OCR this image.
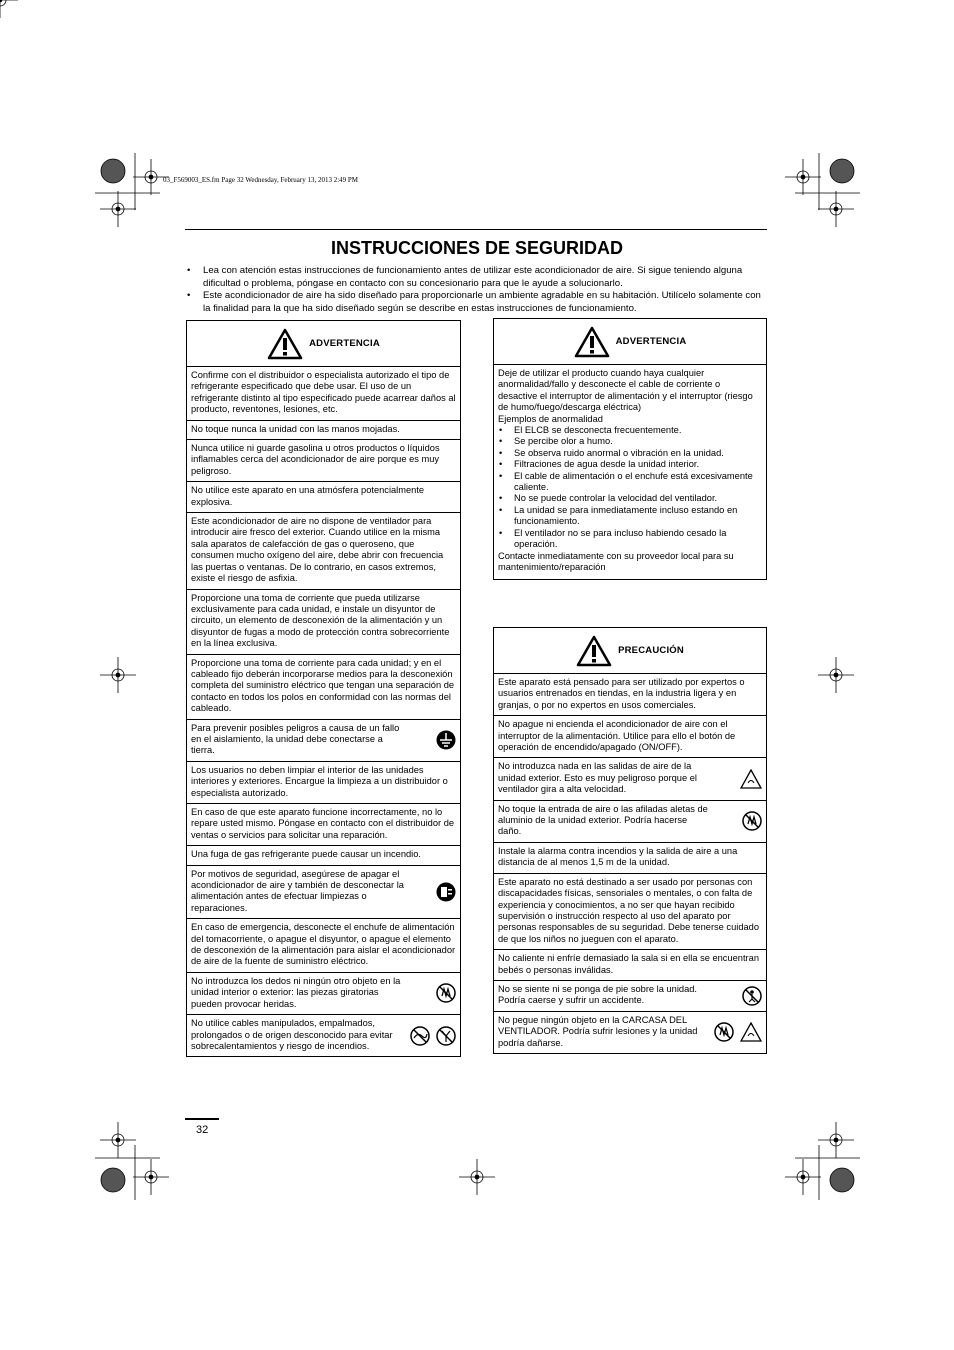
03_F569003_ES.fm Page 32 Wednesday, February 13, 2013 2:49 PM
INSTRUCCIONES DE SEGURIDAD
• Lea con atención estas instrucciones de funcionamiento antes de utilizar este acondicionador de aire. Si sigue teniendo alguna dificultad o problema, póngase en contacto con su concesionario para que le ayude a solucionarlo.
• Este acondicionador de aire ha sido diseñado para proporcionarle un ambiente agradable en su habitación. Utilícelo solamente con la finalidad para la que ha sido diseñado según se describe en estas instrucciones de funcionamiento.
ADVERTENCIA
Confirme con el distribuidor o especialista autorizado el tipo de refrigerante especificado que debe usar. El uso de un refrigerante distinto al tipo especificado puede acarrear daños al producto, reventones, lesiones, etc.
No toque nunca la unidad con las manos mojadas.
Nunca utilice ni guarde gasolina u otros productos o líquidos inflamables cerca del acondicionador de aire porque es muy peligroso.
No utilice este aparato en una atmósfera potencialmente explosiva.
Este acondicionador de aire no dispone de ventilador para introducir aire fresco del exterior. Cuando utilice en la misma sala aparatos de calefacción de gas o queroseno, que consumen mucho oxígeno del aire, debe abrir con frecuencia las puertas o ventanas. De lo contrario, en casos extremos, existe el riesgo de asfixia.
Proporcione una toma de corriente que pueda utilizarse exclusivamente para cada unidad, e instale un disyuntor de circuito, un elemento de desconexión de la alimentación y un disyuntor de fugas a modo de protección contra sobrecorriente en la línea exclusiva.
Proporcione una toma de corriente para cada unidad; y en el cableado fijo deberán incorporarse medios para la desconexión completa del suministro eléctrico que tengan una separación de contacto en todos los polos en conformidad con las normas del cableado.
Para prevenir posibles peligros a causa de un fallo en el aislamiento, la unidad debe conectarse a tierra.
Los usuarios no deben limpiar el interior de las unidades interiores y exteriores. Encargue la limpieza a un distribuidor o especialista autorizado.
En caso de que este aparato funcione incorrectamente, no lo repare usted mismo. Póngase en contacto con el distribuidor de ventas o servicios para solicitar una reparación.
Una fuga de gas refrigerante puede causar un incendio.
Por motivos de seguridad, asegúrese de apagar el acondicionador de aire y también de desconectar la alimentación antes de efectuar limpiezas o reparaciones.
En caso de emergencia, desconecte el enchufe de alimentación del tomacorriente, o apague el disyuntor, o apague el elemento de desconexión de la alimentación para aislar el acondicionador de aire de la fuente de suministro eléctrico.
No introduzca los dedos ni ningún otro objeto en la unidad interior o exterior: las piezas giratorias pueden provocar heridas.
No utilice cables manipulados, empalmados, prolongados o de origen desconocido para evitar sobrecalentamientos y riesgo de incendios.
ADVERTENCIA
Deje de utilizar el producto cuando haya cualquier anormalidad/fallo y desconecte el cable de corriente o desactive el interruptor de alimentación y el interruptor (riesgo de humo/fuego/descarga eléctrica)
Ejemplos de anormalidad
• El ELCB se desconecta frecuentemente.
• Se percibe olor a humo.
• Se observa ruido anormal o vibración en la unidad.
• Filtraciones de agua desde la unidad interior.
• El cable de alimentación o el enchufe está excesivamente caliente.
• No se puede controlar la velocidad del ventilador.
• La unidad se para inmediatamente incluso estando en funcionamiento.
• El ventilador no se para incluso habiendo cesado la operación.
Contacte inmediatamente con su proveedor local para su mantenimiento/reparación
PRECAUCIÓN
Este aparato está pensado para ser utilizado por expertos o usuarios entrenados en tiendas, en la industria ligera y en granjas, o por no expertos en usos comerciales.
No apague ni encienda el acondicionador de aire con el interruptor de la alimentación. Utilice para ello el botón de operación de encendido/apagado (ON/OFF).
No introduzca nada en las salidas de aire de la unidad exterior. Esto es muy peligroso porque el ventilador gira a alta velocidad.
No toque la entrada de aire o las afiladas aletas de aluminio de la unidad exterior. Podría hacerse daño.
Instale la alarma contra incendios y la salida de aire a una distancia de al menos 1,5 m de la unidad.
Este aparato no está destinado a ser usado por personas con discapacidades físicas, sensoriales o mentales, o con falta de experiencia y conocimientos, a no ser que hayan recibido supervisión o instrucción respecto al uso del aparato por personas responsables de su seguridad. Debe tenerse cuidado de que los niños no jueguen con el aparato.
No caliente ni enfríe demasiado la sala si en ella se encuentran bebés o personas inválidas.
No se siente ni se ponga de pie sobre la unidad. Podría caerse y sufrir un accidente.
No pegue ningún objeto en la CARCASA DEL VENTILADOR. Podría sufrir lesiones y la unidad podría dañarse.
32
